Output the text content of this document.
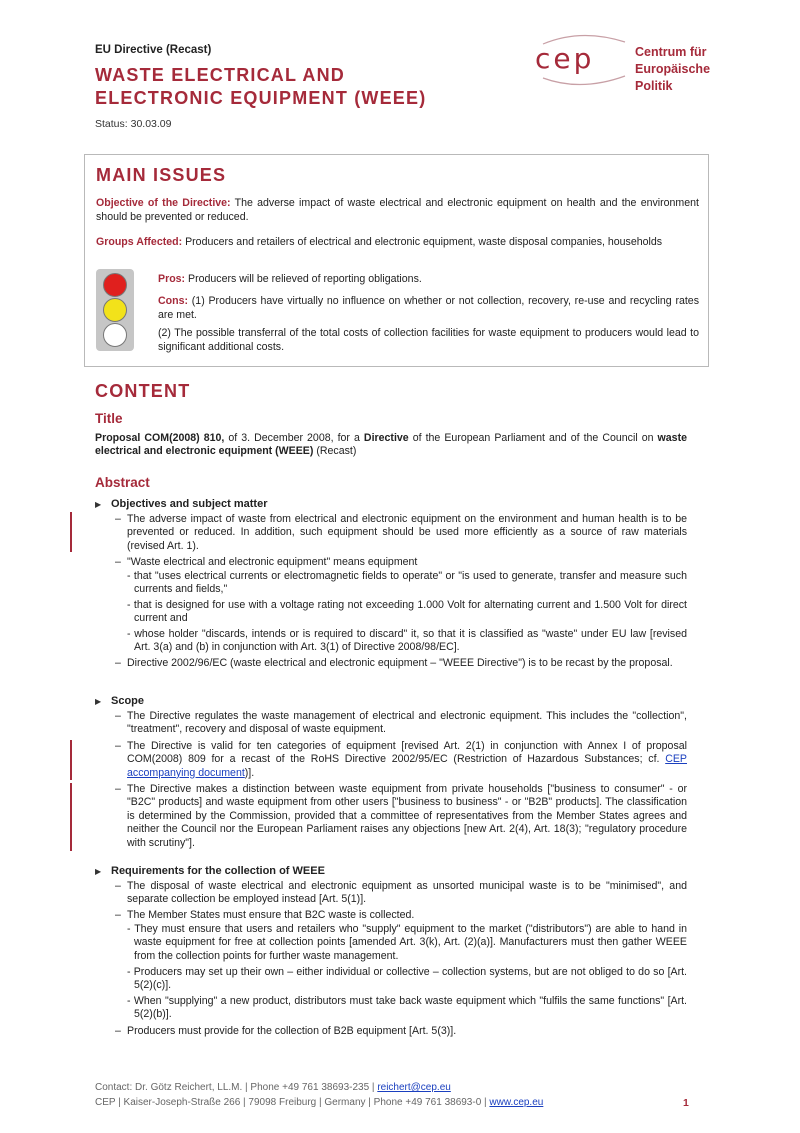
EU Directive (Recast)
WASTE ELECTRICAL AND
ELECTRONIC EQUIPMENT (WEEE)
Status: 30.03.09
cep	Centrum für
Europäische Politik
MAIN ISSUES
Objective of the Directive: The adverse impact of waste electrical and electronic equipment on health and the environment should be prevented or reduced.
Groups Affected: Producers and retailers of electrical and electronic equipment, waste disposal companies, households
Pros: Producers will be relieved of reporting obligations.
Cons: (1) Producers have virtually no influence on whether or not collection, recovery, re-use and recycling rates are met.
(2) The possible transferral of the total costs of collection facilities for waste equipment to producers would lead to significant additional costs.
CONTENT
Title
Proposal COM(2008) 810, of 3. December 2008, for a Directive of the European Parliament and of the Council on waste electrical and electronic equipment (WEEE) (Recast)
Abstract
▶ Objectives and subject matter
– The adverse impact of waste from electrical and electronic equipment on the environment and human health is to be prevented or reduced. In addition, such equipment should be used more efficiently as a source of raw materials (revised Art. 1).
– "Waste electrical and electronic equipment" means equipment
- that "uses electrical currents or electromagnetic fields to operate" or "is used to generate, transfer and measure such currents and fields,"
- that is designed for use with a voltage rating not exceeding 1.000 Volt for alternating current and 1.500 Volt for direct current and
- whose holder "discards, intends or is required to discard" it, so that it is classified as "waste" under EU law [revised Art. 3(a) and (b) in conjunction with Art. 3(1) of Directive 2008/98/EC].
– Directive 2002/96/EC (waste electrical and electronic equipment – "WEEE Directive") is to be recast by the proposal.
▶ Scope
– The Directive regulates the waste management of electrical and electronic equipment. This includes the "collection", "treatment", recovery and disposal of waste equipment.
– The Directive is valid for ten categories of equipment [revised Art. 2(1) in conjunction with Annex I of proposal COM(2008) 809 for a recast of the RoHS Directive 2002/95/EC (Restriction of Hazardous Substances; cf. CEP accompanying document)].
– The Directive makes a distinction between waste equipment from private households ["business to consumer" - or "B2C" products] and waste equipment from other users ["business to business" - or "B2B" products]. The classification is determined by the Commission, provided that a committee of representatives from the Member States agrees and neither the Council nor the European Parliament raises any objections [new Art. 2(4), Art. 18(3); "regulatory procedure with scrutiny"].
▶ Requirements for the collection of WEEE
– The disposal of waste electrical and electronic equipment as unsorted municipal waste is to be "minimised", and separate collection be employed instead [Art. 5(1)].
– The Member States must ensure that B2C waste is collected.
- They must ensure that users and retailers who "supply" equipment to the market ("distributors") are able to hand in waste equipment for free at collection points [amended Art. 3(k), Art. (2)(a)]. Manufacturers must then gather WEEE from the collection points for further waste management.
- Producers may set up their own – either individual or collective – collection systems, but are not obliged to do so [Art. 5(2)(c)].
- When "supplying" a new product, distributors must take back waste equipment which "fulfils the same functions" [Art. 5(2)(b)].
– Producers must provide for the collection of B2B equipment [Art. 5(3)].
Contact: Dr. Götz Reichert, LL.M. | Phone +49 761 38693-235 | reichert@cep.eu
CEP | Kaiser-Joseph-Straße 266 | 79098 Freiburg | Germany | Phone +49 761 38693-0 | www.cep.eu	1
